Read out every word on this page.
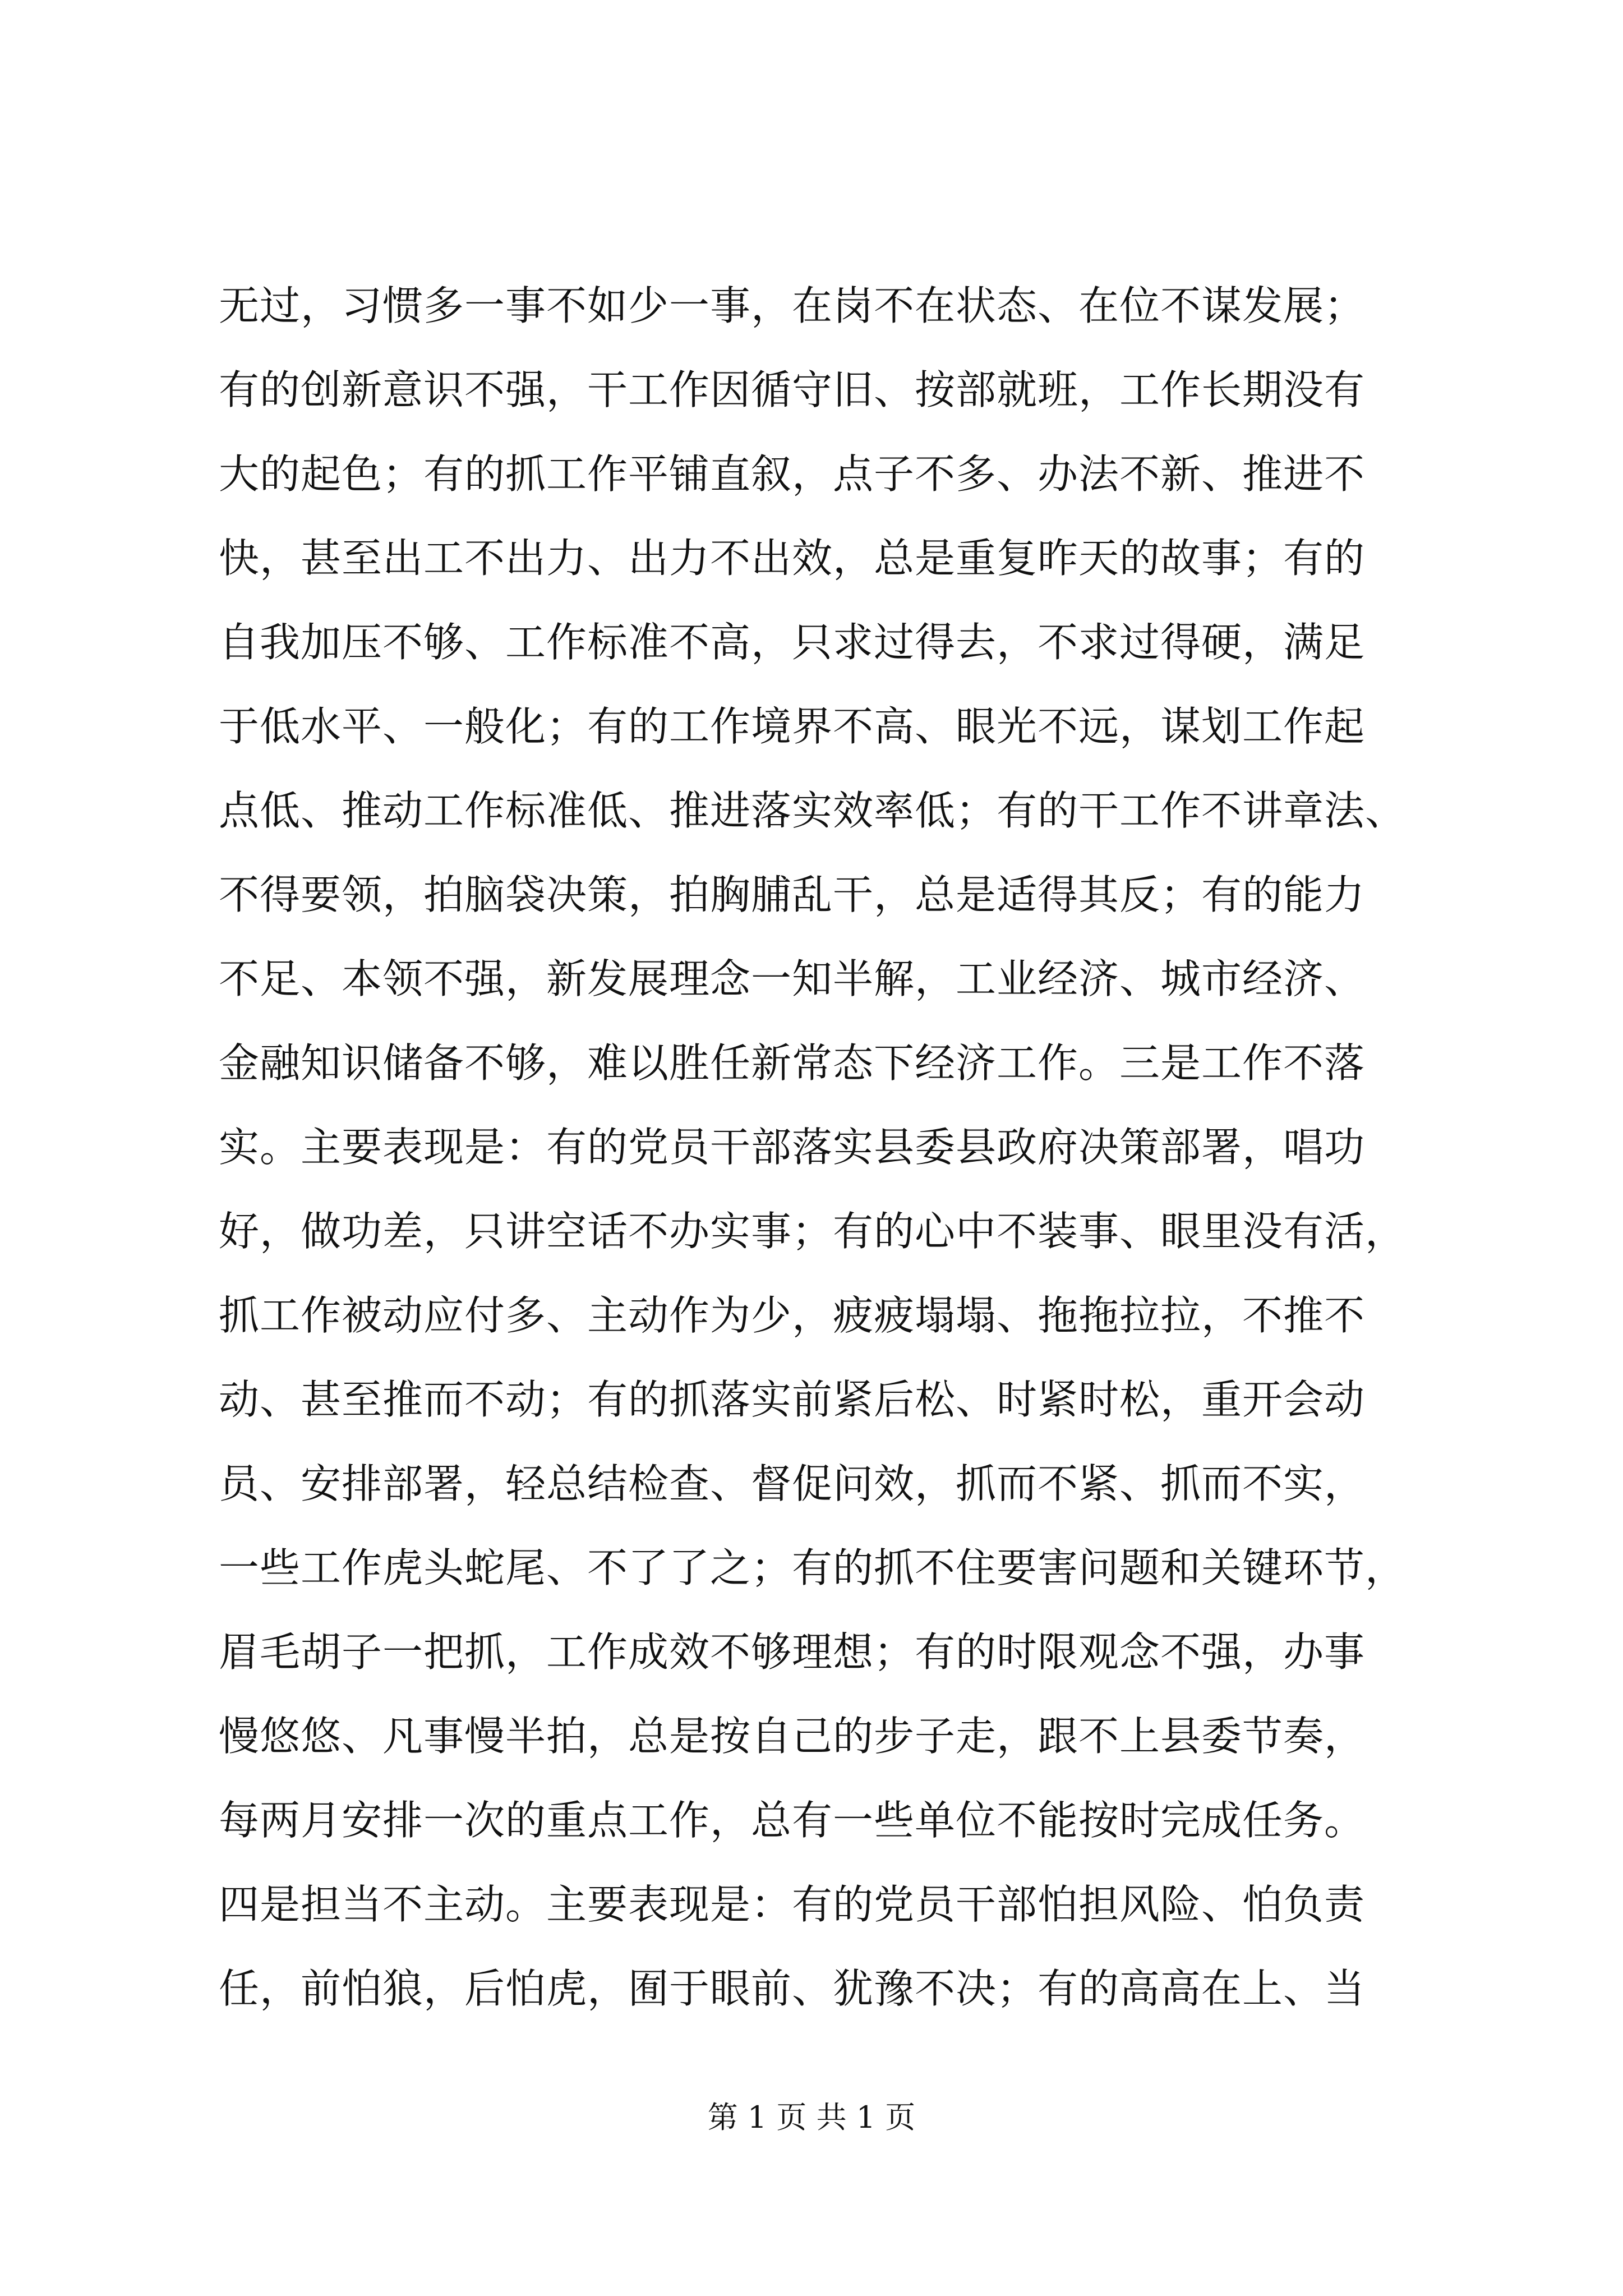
无过，习惯多一事不如少一事，在岗不在状态、在位不谋发展；
有的创新意识不强，干工作因循守旧、按部就班，工作长期没有
大的起色；有的抓工作平铺直叙，点子不多、办法不新、推进不
快，甚至出工不出力、出力不出效，总是重复昨天的故事；有的
自我加压不够、工作标准不高，只求过得去，不求过得硬，满足
于低水平、一般化；有的工作境界不高、眼光不远，谋划工作起
点低、推动工作标准低、推进落实效率低；有的干工作不讲章法、
不得要领，拍脑袋决策，拍胸脯乱干，总是适得其反；有的能力
不足、本领不强，新发展理念一知半解，工业经济、城市经济、
金融知识储备不够，难以胜任新常态下经济工作。三是工作不落
实。主要表现是：有的党员干部落实县委县政府决策部署，唱功
好，做功差，只讲空话不办实事；有的心中不装事、眼里没有活，
抓工作被动应付多、主动作为少，疲疲塌塌、拖拖拉拉，不推不
动、甚至推而不动；有的抓落实前紧后松、时紧时松，重开会动
员、安排部署，轻总结检查、督促问效，抓而不紧、抓而不实，
一些工作虎头蛇尾、不了了之；有的抓不住要害问题和关键环节，
眉毛胡子一把抓，工作成效不够理想；有的时限观念不强，办事
慢悠悠、凡事慢半拍，总是按自己的步子走，跟不上县委节奏，
每两月安排一次的重点工作，总有一些单位不能按时完成任务。
四是担当不主动。主要表现是：有的党员干部怕担风险、怕负责
任，前怕狼，后怕虎，囿于眼前、犹豫不决；有的高高在上、当
第 1 页 共 1 页
